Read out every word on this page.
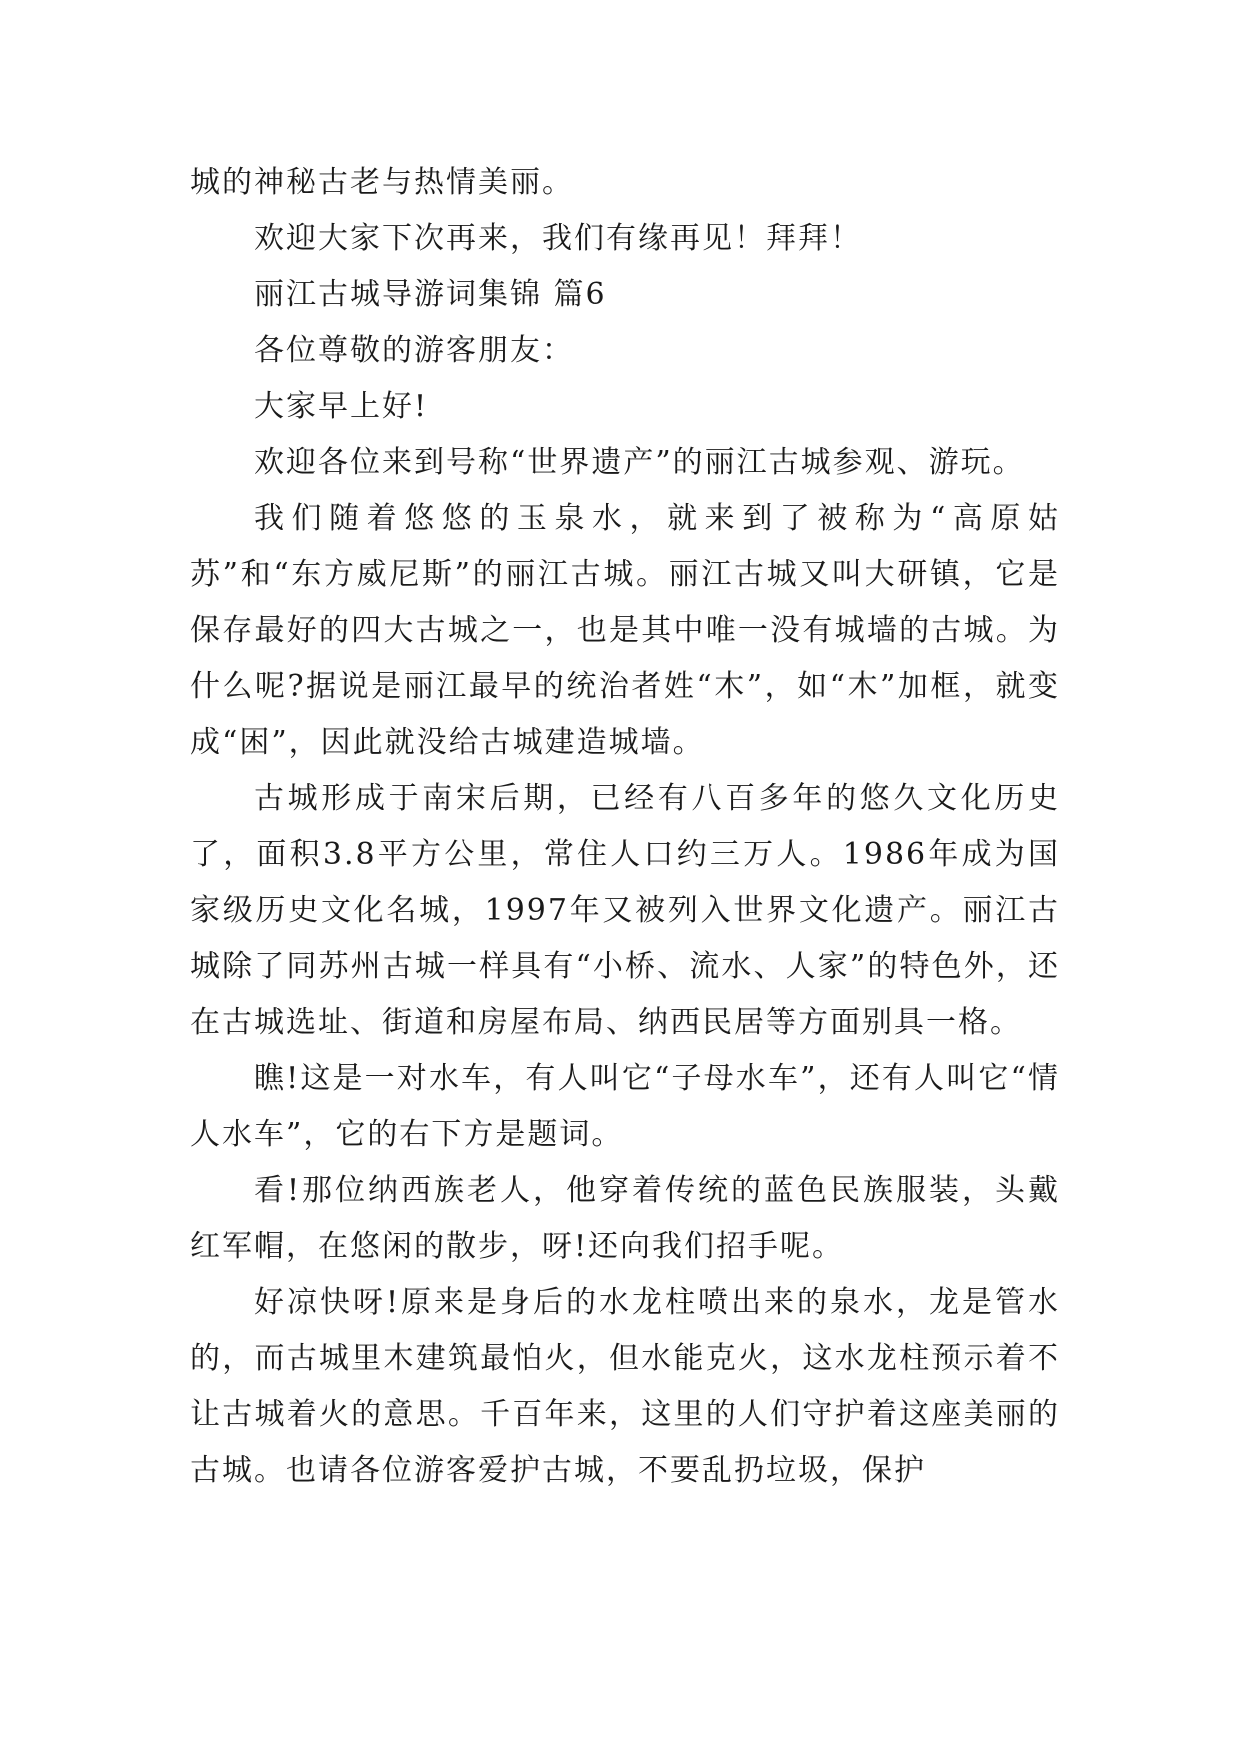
城的神秘古老与热情美丽。

欢迎大家下次再来，我们有缘再见！拜拜！

丽江古城导游词集锦 篇6

各位尊敬的游客朋友：

大家早上好!

欢迎各位来到号称“世界遗产”的丽江古城参观、游玩。

我们随着悠悠的玉泉水，就来到了被称为“高原姑苏”和“东方威尼斯”的丽江古城。丽江古城又叫大研镇，它是保存最好的四大古城之一，也是其中唯一没有城墙的古城。为什么呢?据说是丽江最早的统治者姓“木”，如“木”加框，就变成“困”，因此就没给古城建造城墙。

古城形成于南宋后期，已经有八百多年的悠久文化历史了，面积3.8平方公里，常住人口约三万人。1986年成为国家级历史文化名城，1997年又被列入世界文化遗产。丽江古城除了同苏州古城一样具有“小桥、流水、人家”的特色外，还在古城选址、街道和房屋布局、纳西民居等方面别具一格。

瞧!这是一对水车，有人叫它“子母水车”，还有人叫它“情人水车”，它的右下方是题词。

看!那位纳西族老人，他穿着传统的蓝色民族服装，头戴红军帽，在悠闲的散步，呀!还向我们招手呢。

好凉快呀!原来是身后的水龙柱喷出来的泉水，龙是管水的，而古城里木建筑最怕火，但水能克火，这水龙柱预示着不让古城着火的意思。千百年来，这里的人们守护着这座美丽的古城。也请各位游客爱护古城，不要乱扔垃圾，保护
